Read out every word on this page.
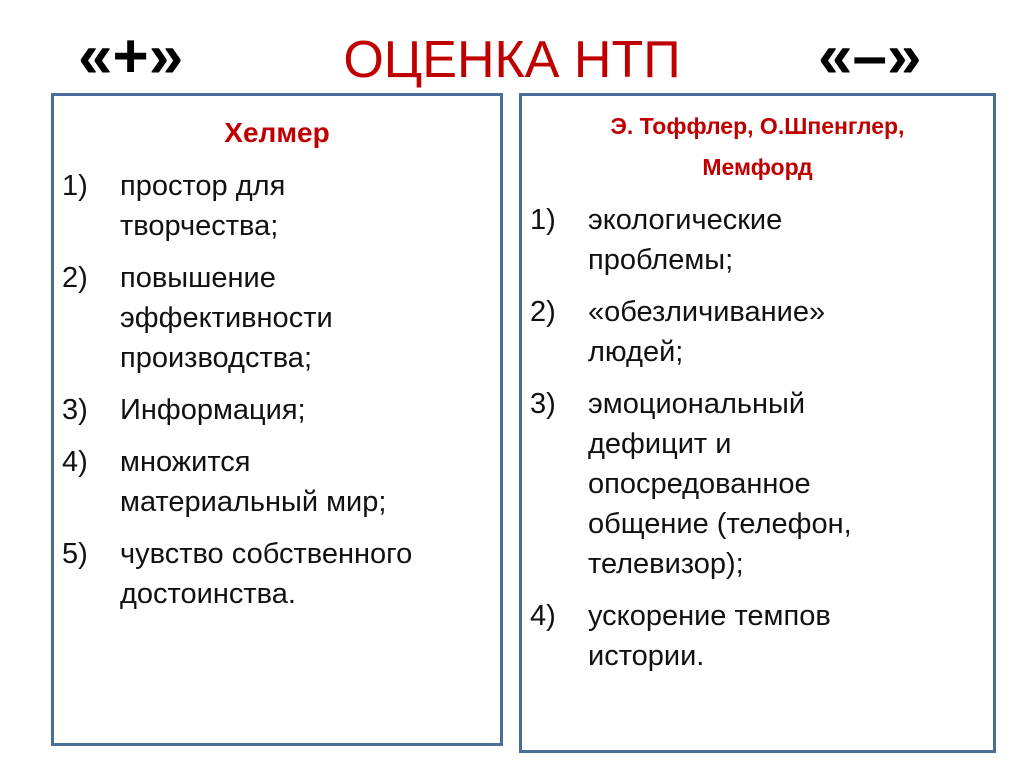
«+»	ОЦЕНКА НТП	«–»
Хелмер
1)	простор для
творчества;
2)	повышение
эффективности
производства;
3)	Информация;
4)	множится
материальный мир;
5)	чувство собственного
достоинства.
Э. Тоффлер, О.Шпенглер,
Мемфорд
1)	экологические
проблемы;
2)	«обезличивание»
людей;
3)	эмоциональный
дефицит и
опосредованное
общение (телефон,
телевизор);
4)	ускорение темпов
истории.
